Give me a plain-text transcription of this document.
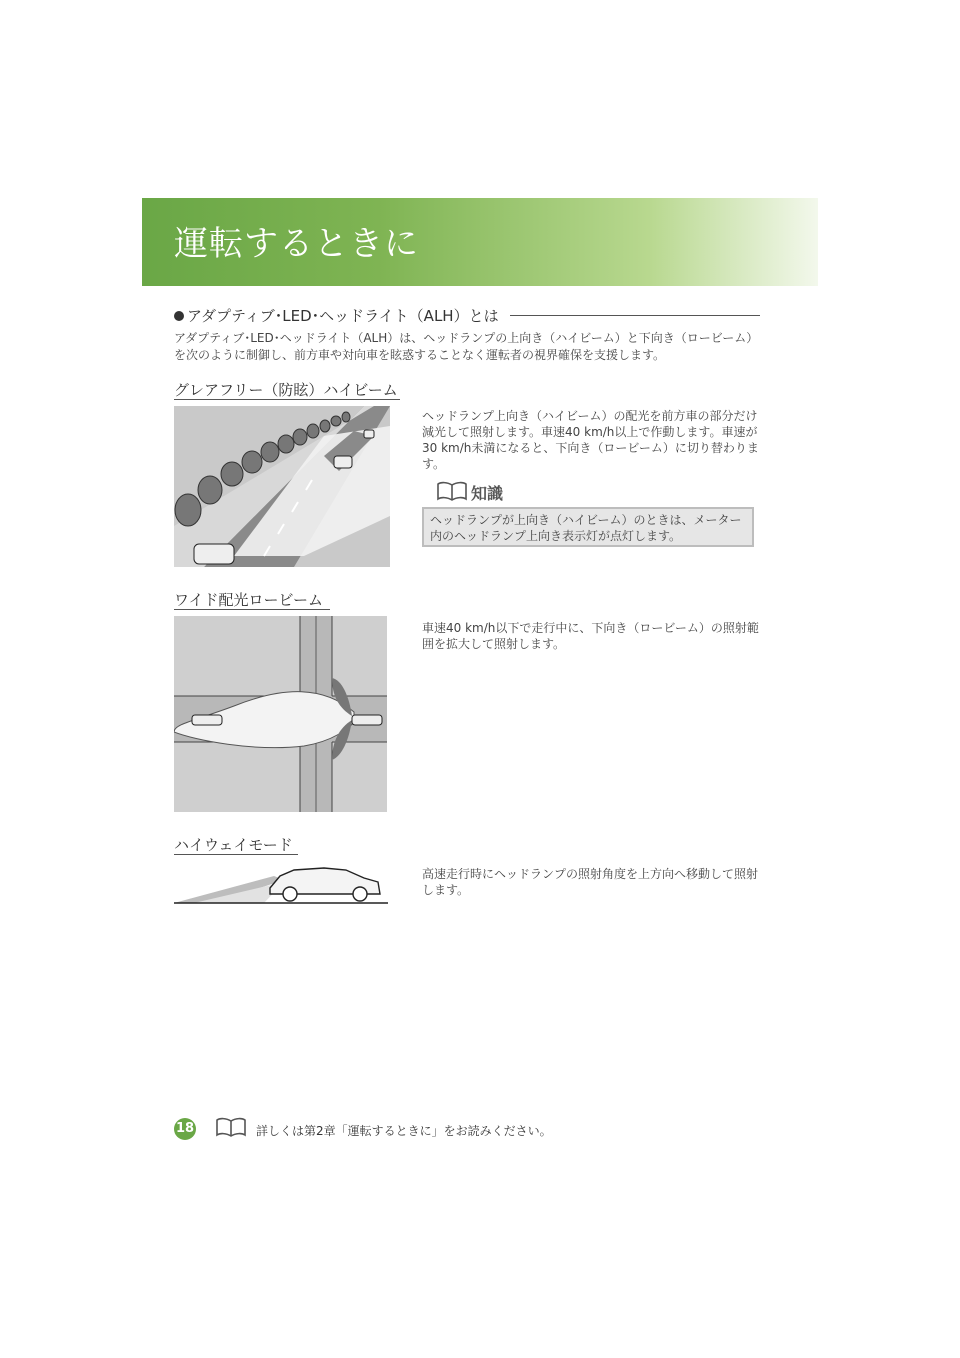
運転するときに
アダプティブ･LED･ヘッドライト（ALH）とは
アダプティブ･LED･ヘッドライト（ALH）は、ヘッドランプの上向き（ハイビーム）と下向き（ロービーム）を次のように制御し、前方車や対向車を眩惑することなく運転者の視界確保を支援します。
グレアフリー（防眩）ハイビーム
ヘッドランプ上向き（ハイビーム）の配光を前方車の部分だけ減光して照射します。車速40 km/h以上で作動します。車速が30 km/h未満になると、下向き（ロービーム）に切り替わります。
知識
ヘッドランプが上向き（ハイビーム）のときは、メーター内のヘッドランプ上向き表示灯が点灯します。
ワイド配光ロービーム
車速40 km/h以下で走行中に、下向き（ロービーム）の照射範囲を拡大して照射します。
ハイウェイモード
高速走行時にヘッドランプの照射角度を上方向へ移動して照射します。
18	詳しくは第2章「運転するときに」をお読みください。
